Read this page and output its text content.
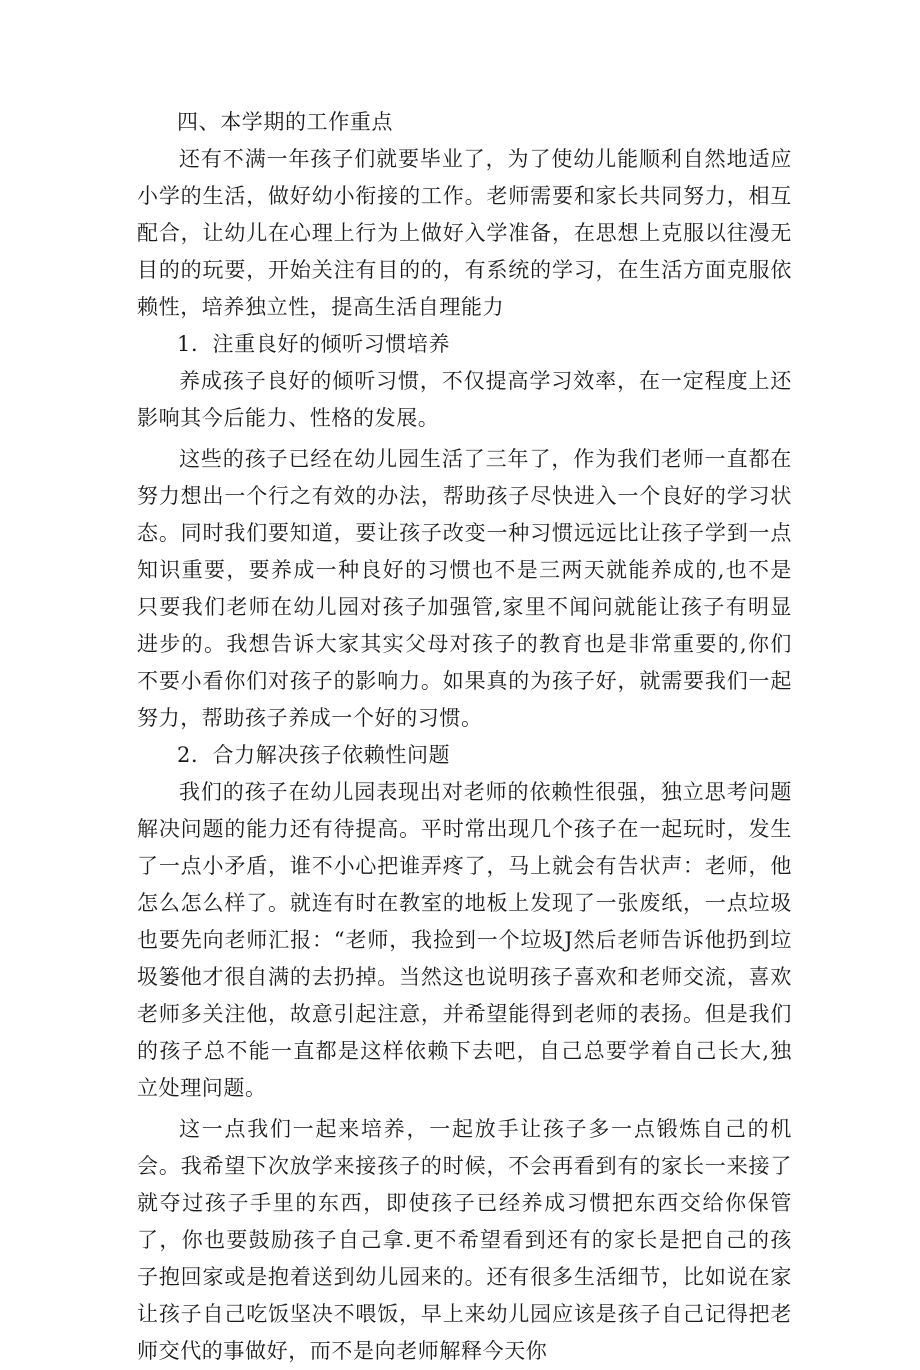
四、本学期的工作重点

还有不满一年孩子们就要毕业了，为了使幼儿能顺利自然地适应小学的生活，做好幼小衔接的工作。老师需要和家长共同努力，相互配合，让幼儿在心理上行为上做好入学准备，在思想上克服以往漫无目的的玩要，开始关注有目的的，有系统的学习，在生活方面克服依赖性，培养独立性，提高生活自理能力

1．注重良好的倾听习惯培养

养成孩子良好的倾听习惯，不仅提高学习效率，在一定程度上还影响其今后能力、性格的发展。

这些的孩子已经在幼儿园生活了三年了，作为我们老师一直都在努力想出一个行之有效的办法，帮助孩子尽快进入一个良好的学习状态。同时我们要知道，要让孩子改变一种习惯远远比让孩子学到一点知识重要，要养成一种良好的习惯也不是三两天就能养成的,也不是只要我们老师在幼儿园对孩子加强管,家里不闻问就能让孩子有明显进步的。我想告诉大家其实父母对孩子的教育也是非常重要的,你们不要小看你们对孩子的影响力。如果真的为孩子好，就需要我们一起努力，帮助孩子养成一个好的习惯。

2．合力解决孩子依赖性问题

我们的孩子在幼儿园表现出对老师的依赖性很强，独立思考问题解决问题的能力还有待提高。平时常出现几个孩子在一起玩时，发生了一点小矛盾，谁不小心把谁弄疼了，马上就会有告状声：老师，他怎么怎么样了。就连有时在教室的地板上发现了一张废纸，一点垃圾也要先向老师汇报：“老师，我捡到一个垃圾J然后老师告诉他扔到垃圾篓他才很自满的去扔掉。当然这也说明孩子喜欢和老师交流，喜欢老师多关注他，故意引起注意，并希望能得到老师的表扬。但是我们的孩子总不能一直都是这样依赖下去吧，自己总要学着自己长大,独立处理问题。

这一点我们一起来培养，一起放手让孩子多一点锻炼自己的机会。我希望下次放学来接孩子的时候，不会再看到有的家长一来接了就夺过孩子手里的东西，即使孩子已经养成习惯把东西交给你保管了，你也要鼓励孩子自己拿.更不希望看到还有的家长是把自己的孩子抱回家或是抱着送到幼儿园来的。还有很多生活细节，比如说在家让孩子自己吃饭坚决不喂饭，早上来幼儿园应该是孩子自己记得把老师交代的事做好，而不是向老师解释今天你
